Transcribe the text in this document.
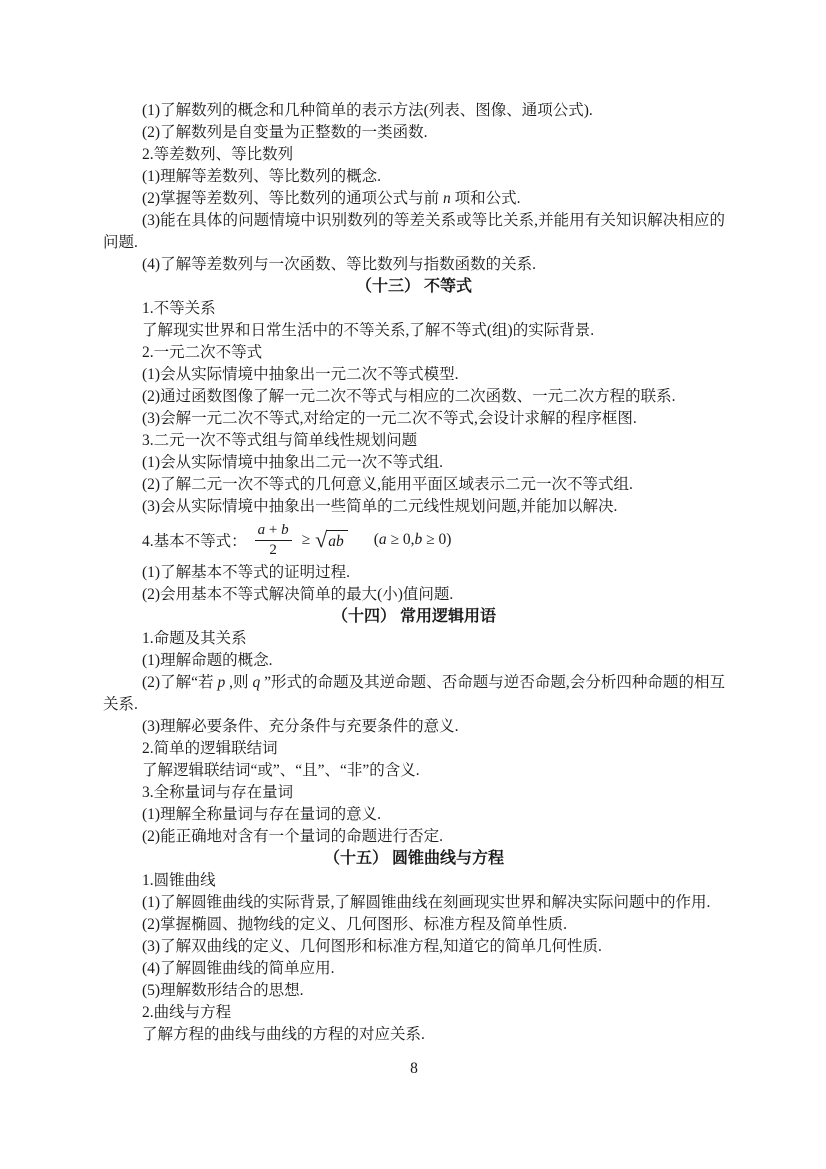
(1)了解数列的概念和几种简单的表示方法(列表、图像、通项公式).
(2)了解数列是自变量为正整数的一类函数.
2.等差数列、等比数列
(1)理解等差数列、等比数列的概念.
(2)掌握等差数列、等比数列的通项公式与前 n 项和公式.
(3)能在具体的问题情境中识别数列的等差关系或等比关系,并能用有关知识解决相应的问题.
(4)了解等差数列与一次函数、等比数列与指数函数的关系.
（十三） 不等式
1.不等关系
了解现实世界和日常生活中的不等关系,了解不等式(组)的实际背景.
2.一元二次不等式
(1)会从实际情境中抽象出一元二次不等式模型.
(2)通过函数图像了解一元二次不等式与相应的二次函数、一元二次方程的联系.
(3)会解一元二次不等式,对给定的一元二次不等式,会设计求解的程序框图.
3.二元一次不等式组与简单线性规划问题
(1)会从实际情境中抽象出二元一次不等式组.
(2)了解二元一次不等式的几何意义,能用平面区域表示二元一次不等式组.
(3)会从实际情境中抽象出一些简单的二元线性规划问题,并能加以解决.
4.基本不等式： $\frac{a + b}{2}$ ≥ √ ab (a ≥ 0,b ≥ 0)
(1)了解基本不等式的证明过程.
(2)会用基本不等式解决简单的最大(小)值问题.
（十四） 常用逻辑用语
1.命题及其关系
(1)理解命题的概念.
(2)了解“若 p ,则 q ”形式的命题及其逆命题、否命题与逆否命题,会分析四种命题的相互关系.
(3)理解必要条件、充分条件与充要条件的意义.
2.简单的逻辑联结词
了解逻辑联结词“或”、“且”、“非”的含义.
3.全称量词与存在量词
(1)理解全称量词与存在量词的意义.
(2)能正确地对含有一个量词的命题进行否定.
（十五） 圆锥曲线与方程
1.圆锥曲线
(1)了解圆锥曲线的实际背景,了解圆锥曲线在刻画现实世界和解决实际问题中的作用.
(2)掌握椭圆、抛物线的定义、几何图形、标准方程及简单性质.
(3)了解双曲线的定义、几何图形和标准方程,知道它的简单几何性质.
(4)了解圆锥曲线的简单应用.
(5)理解数形结合的思想.
2.曲线与方程
了解方程的曲线与曲线的方程的对应关系.
8
